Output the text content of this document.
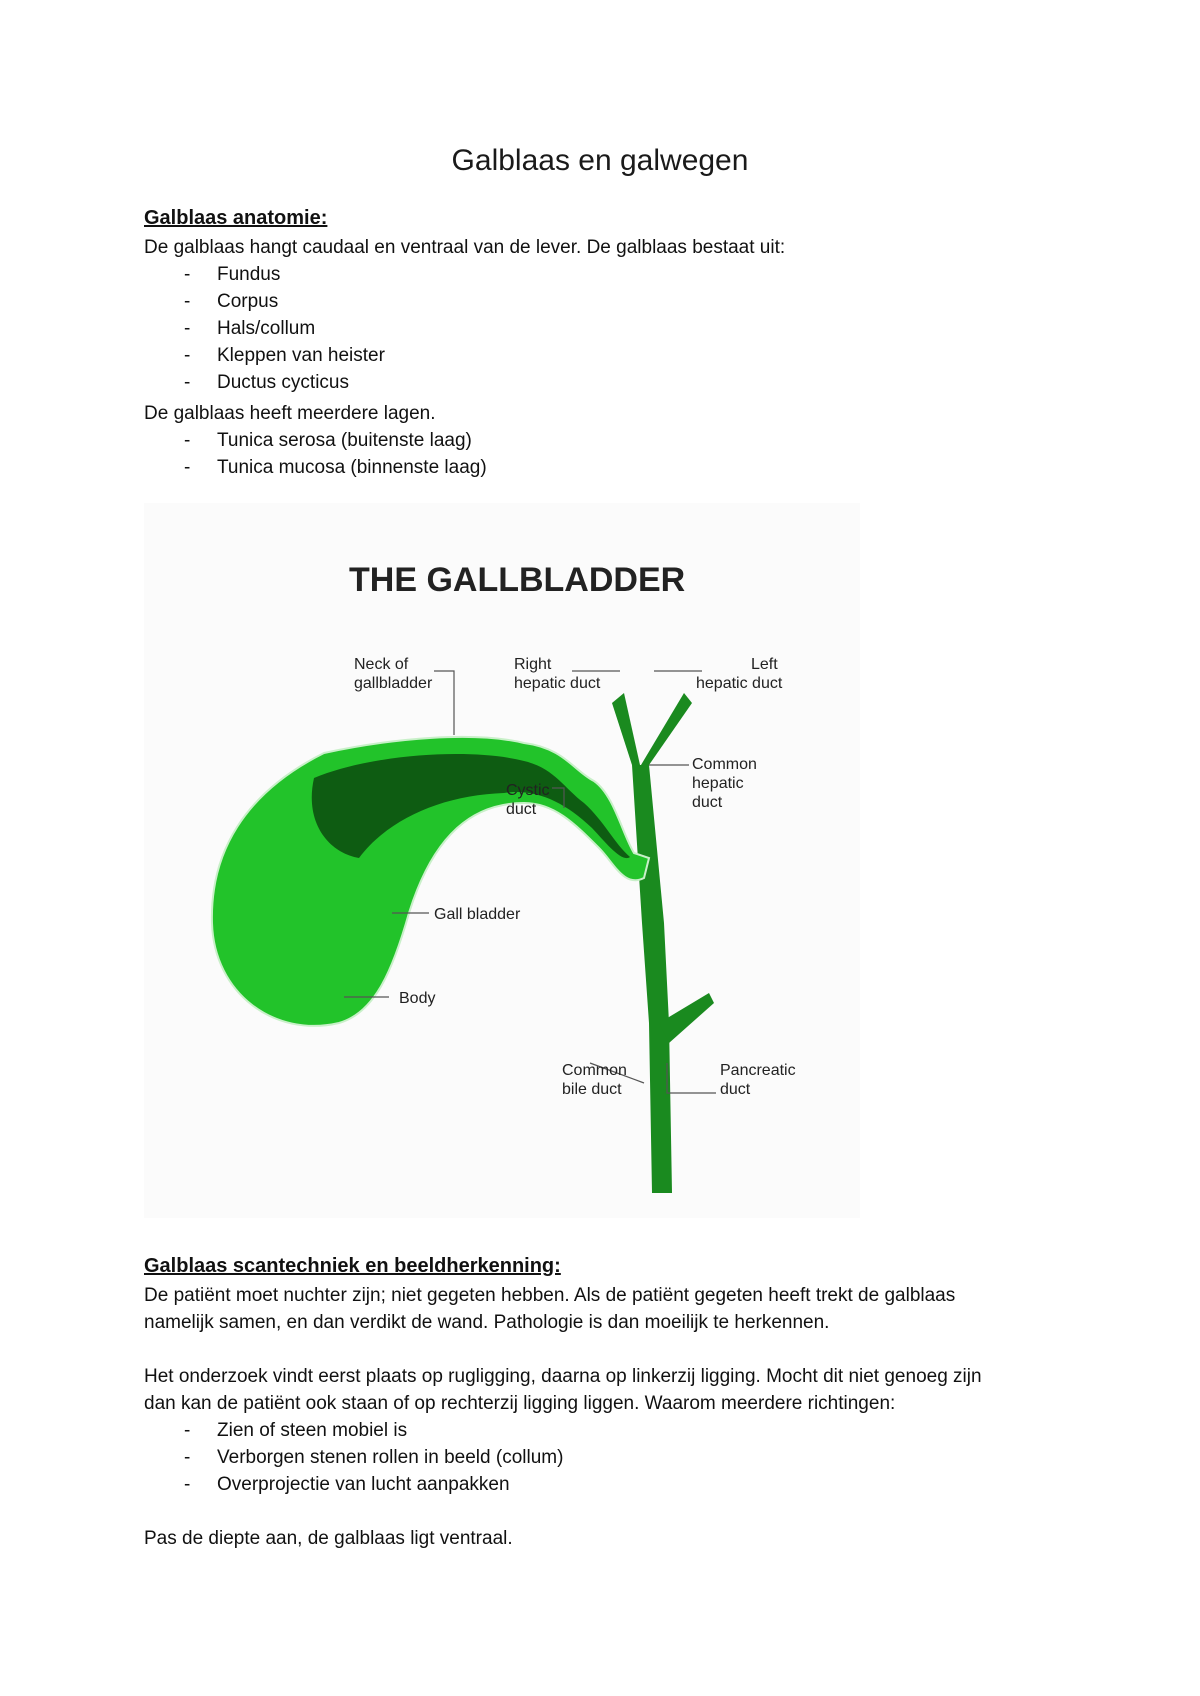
Galblaas en galwegen
Galblaas anatomie:
De galblaas hangt caudaal en ventraal van de lever. De galblaas bestaat uit:
- Fundus
- Corpus
- Hals/collum
- Kleppen van heister
- Ductus cycticus
De galblaas heeft meerdere lagen.
- Tunica serosa (buitenste laag)
- Tunica mucosa (binnenste laag)
THE GALLBLADDER
Neck of
gallbladder
Right
hepatic duct
Left
hepatic duct
Common
hepatic
duct
Cystic
duct
Gall bladder
Body
Common
bile duct
Pancreatic
duct
Galblaas scantechniek en beeldherkenning:
De patiënt moet nuchter zijn; niet gegeten hebben. Als de patiënt gegeten heeft trekt de galblaas
namelijk samen, en dan verdikt de wand. Pathologie is dan moeilijk te herkennen.
Het onderzoek vindt eerst plaats op rugligging, daarna op linkerzij ligging. Mocht dit niet genoeg zijn
dan kan de patiënt ook staan of op rechterzij ligging liggen. Waarom meerdere richtingen:
- Zien of steen mobiel is
- Verborgen stenen rollen in beeld (collum)
- Overprojectie van lucht aanpakken
Pas de diepte aan, de galblaas ligt ventraal.
